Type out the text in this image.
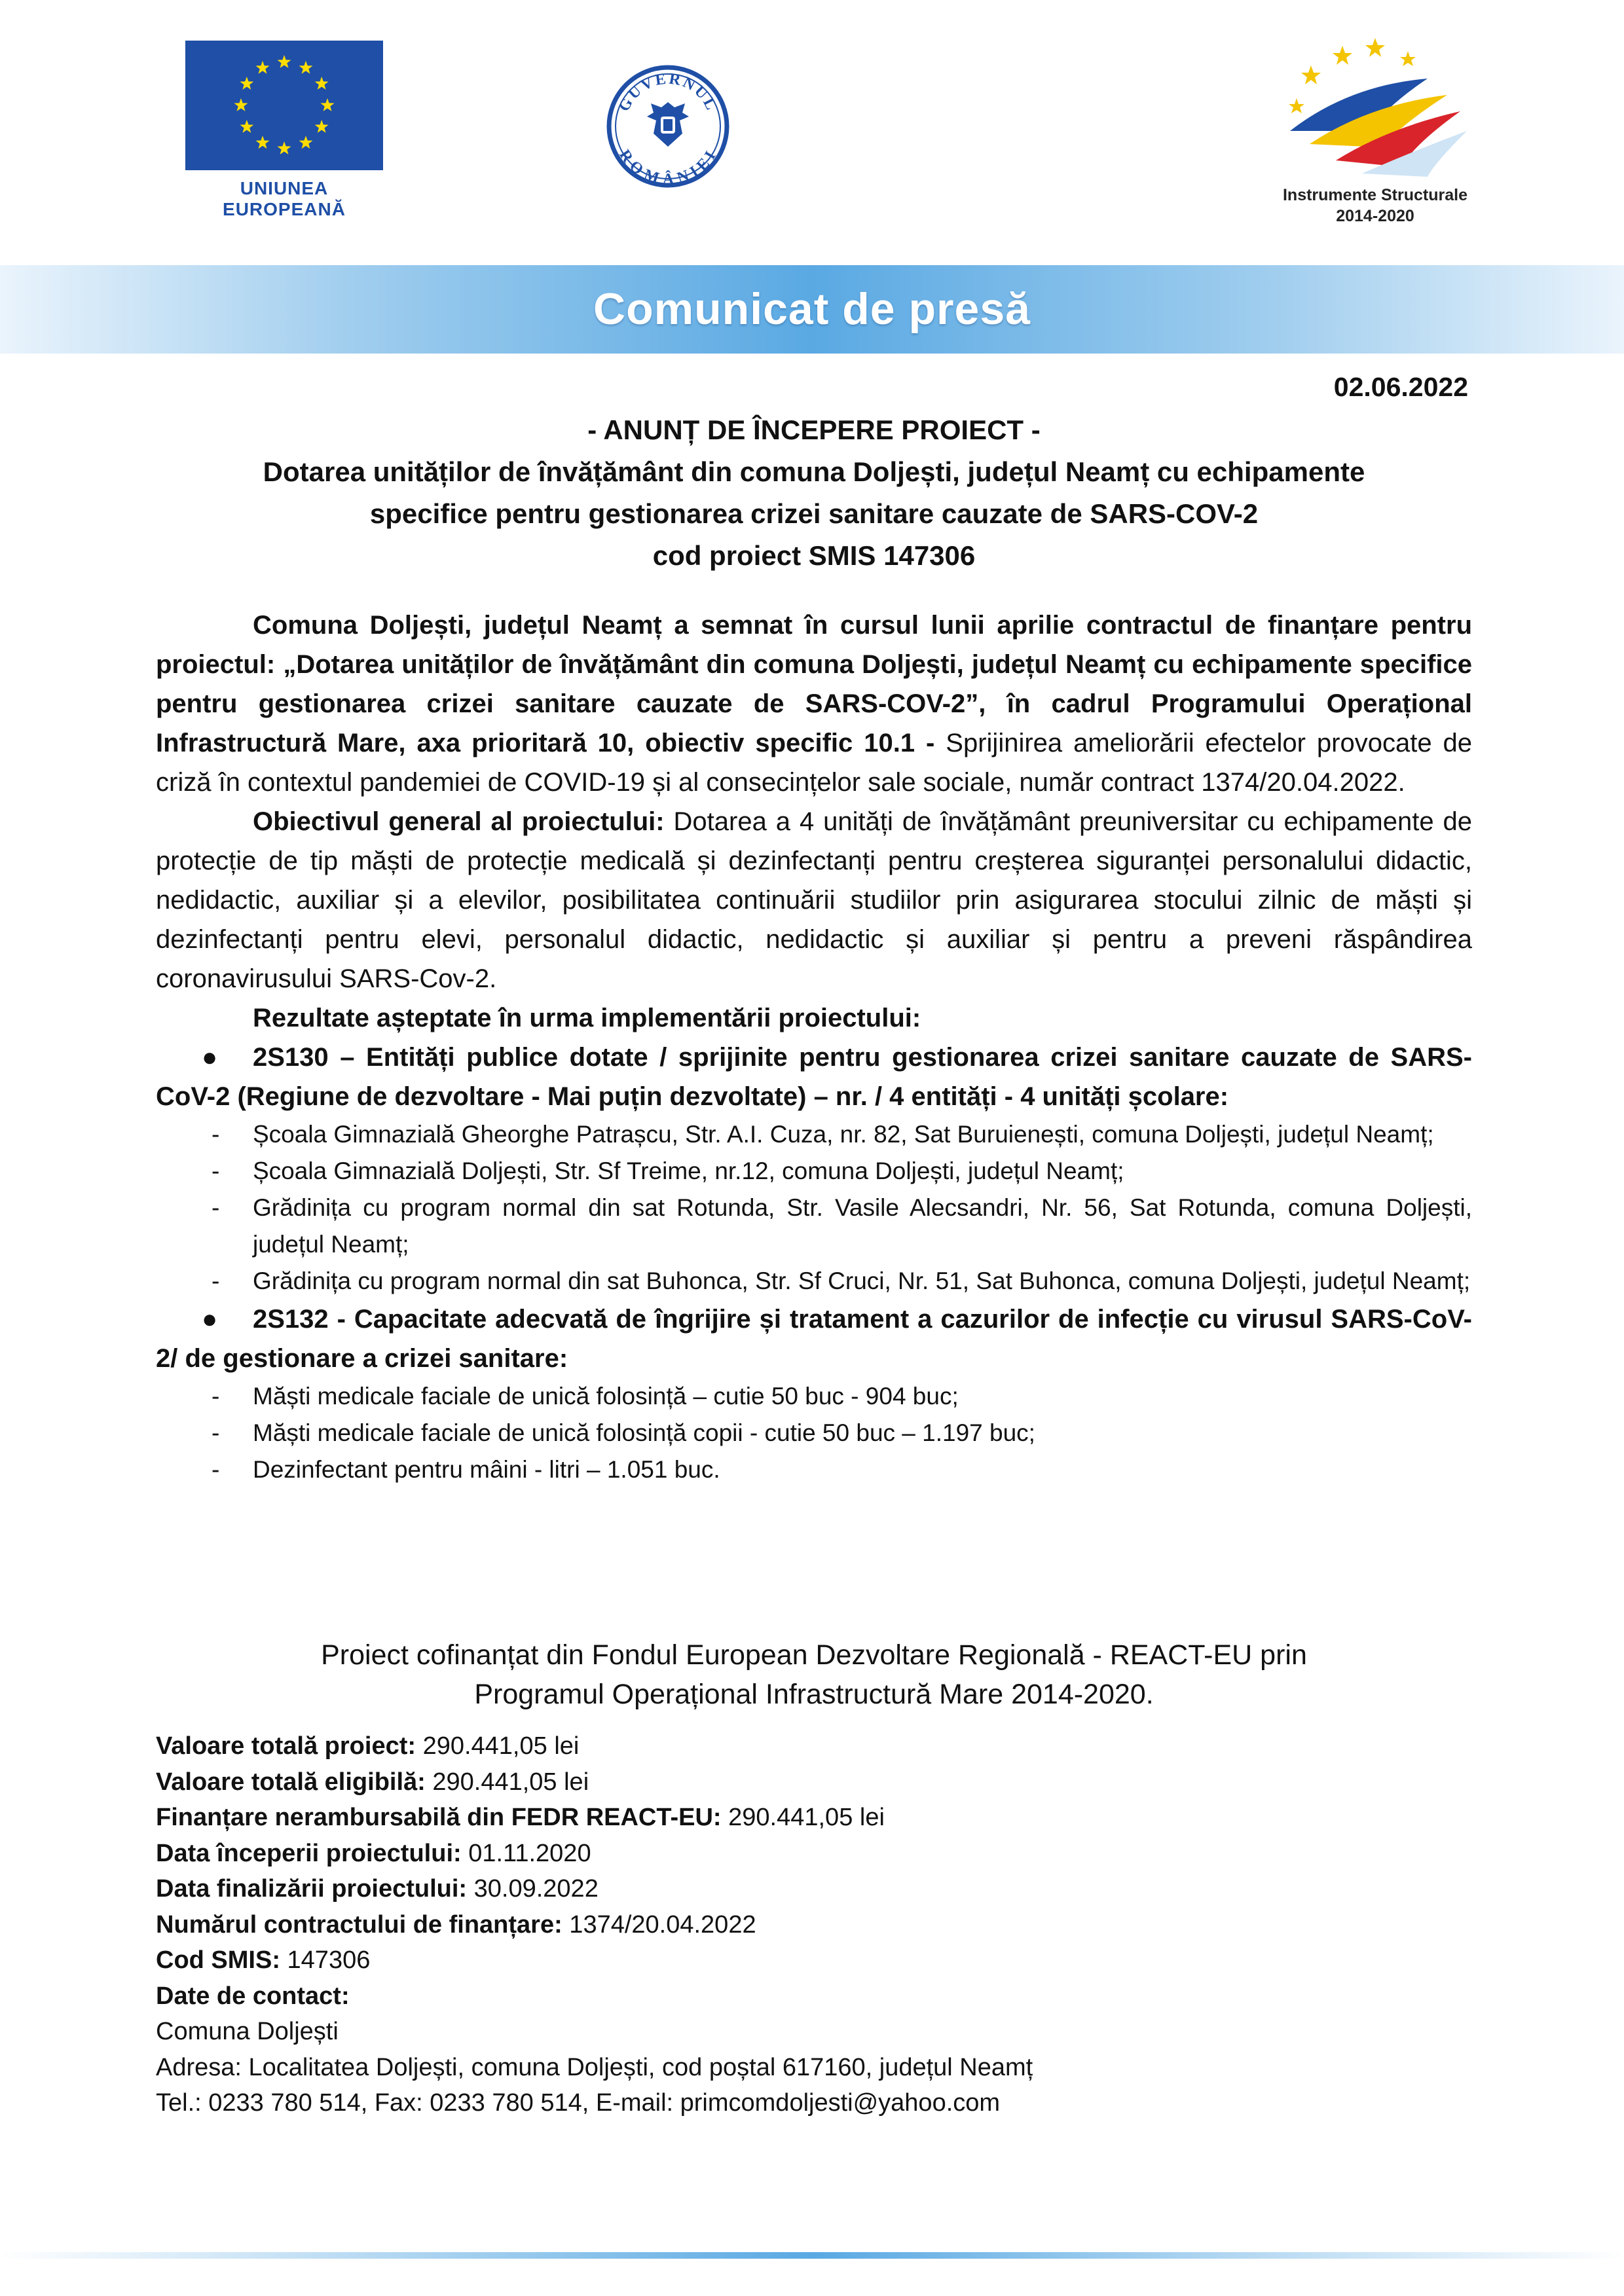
UNIUNEA EUROPEANĂ
GUVERNUL
ROMÂNIEI
Instrumente Structurale
2014-2020
Comunicat de presă
02.06.2022
- ANUNȚ DE ÎNCEPERE PROIECT -
Dotarea unităților de învățământ din comuna Doljești, județul Neamț cu echipamente
specifice pentru gestionarea crizei sanitare cauzate de SARS-COV-2
cod proiect SMIS 147306

Comuna Doljești, județul Neamț a semnat în cursul lunii aprilie contractul de finanțare pentru proiectul: „Dotarea unităților de învățământ din comuna Doljești, județul Neamț cu echipamente specifice pentru gestionarea crizei sanitare cauzate de SARS-COV-2”, în cadrul Programului Operațional Infrastructură Mare, axa prioritară 10, obiectiv specific 10.1 - Sprijinirea ameliorării efectelor provocate de criză în contextul pandemiei de COVID-19 și al consecințelor sale sociale, număr contract 1374/20.04.2022.

Obiectivul general al proiectului: Dotarea a 4 unități de învățământ preuniversitar cu echipamente de protecție de tip măști de protecție medicală și dezinfectanți pentru creșterea siguranței personalului didactic, nedidactic, auxiliar și a elevilor, posibilitatea continuării studiilor prin asigurarea stocului zilnic de măști și dezinfectanți pentru elevi, personalul didactic, nedidactic și auxiliar și pentru a preveni răspândirea coronavirusului SARS-Cov-2.

Rezultate așteptate în urma implementării proiectului:

● 2S130 – Entități publice dotate / sprijinite pentru gestionarea crizei sanitare cauzate de SARS-CoV-2 (Regiune de dezvoltare - Mai puțin dezvoltate) – nr. / 4 entități - 4 unități școlare:

- Școala Gimnazială Gheorghe Patrașcu, Str. A.I. Cuza, nr. 82, Sat Buruienești, comuna Doljești, județul Neamț;

- Școala Gimnazială Doljești, Str. Sf Treime, nr.12, comuna Doljești, județul Neamț;

- Grădinița cu program normal din sat Rotunda, Str. Vasile Alecsandri, Nr. 56, Sat Rotunda, comuna Doljești, județul Neamț;

- Grădinița cu program normal din sat Buhonca, Str. Sf Cruci, Nr. 51, Sat Buhonca, comuna Doljești, județul Neamț;

● 2S132 - Capacitate adecvată de îngrijire și tratament a cazurilor de infecție cu virusul SARS-CoV-2/ de gestionare a crizei sanitare:

- Măști medicale faciale de unică folosință – cutie 50 buc - 904 buc;

- Măști medicale faciale de unică folosință copii - cutie 50 buc – 1.197 buc;

- Dezinfectant pentru mâini - litri – 1.051 buc.

Proiect cofinanțat din Fondul European Dezvoltare Regională - REACT-EU prin
Programul Operațional Infrastructură Mare 2014-2020.
Valoare totală proiect: 290.441,05 lei
Valoare totală eligibilă: 290.441,05 lei
Finanțare nerambursabilă din FEDR REACT-EU: 290.441,05 lei
Data începerii proiectului: 01.11.2020
Data finalizării proiectului: 30.09.2022
Numărul contractului de finanțare: 1374/20.04.2022
Cod SMIS: 147306
Date de contact:
Comuna Doljești
Adresa: Localitatea Doljești, comuna Doljești, cod poștal 617160, județul Neamț
Tel.: 0233 780 514, Fax: 0233 780 514, E-mail: primcomdoljesti@yahoo.com
